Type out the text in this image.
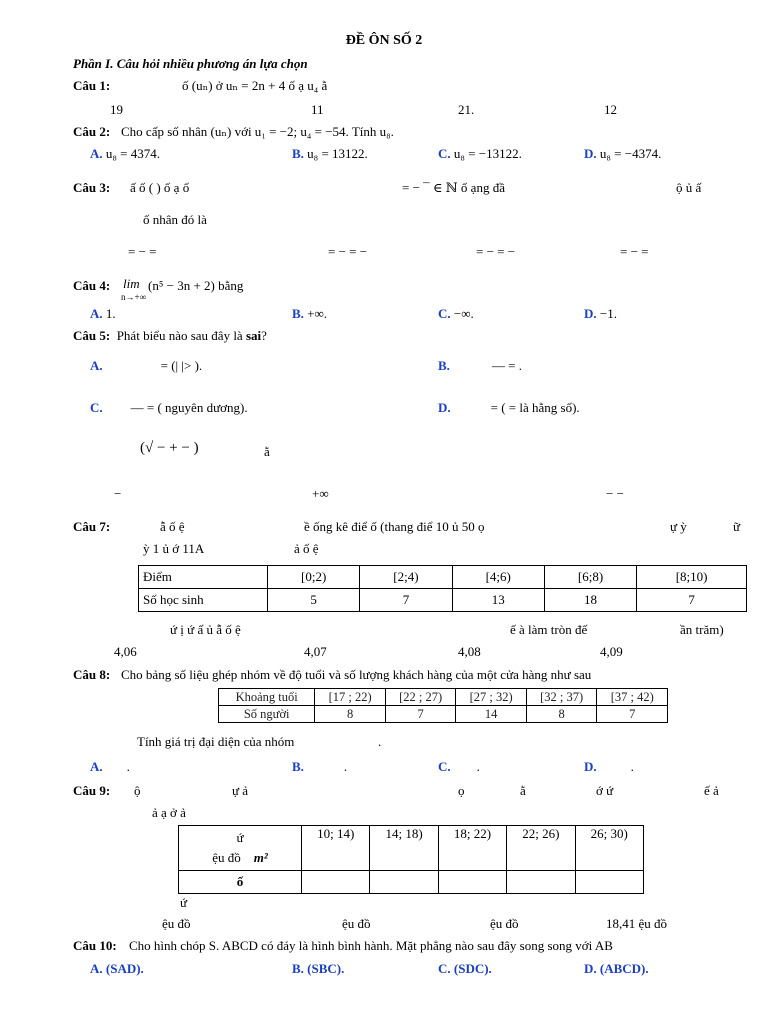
ĐỀ ÔN SỐ 2
Phần I. Câu hỏi nhiều phương án lựa chọn
Câu 1:	ố (uₙ) ở uₙ = 2n + 4 ố ạ u₄ ằ
19	11	21.	12
Câu 2: Cho cấp số nhân (uₙ) với u₁ = −2; u₄ = −54. Tính u₈.
A. u₈ = 4374.	B. u₈ = 13122.	C. u₈ = −13122.	D. u₈ = −4374.
Câu 3: ấ ố ( ) ố ạ ố	= − ¯ ∈ ℕ ố ạng đầ	ộ ủ ấ
ố nhân đó là
= − =	= − = −	= − = −	= − =
Câu 4: lim
n→+∞
(n⁵ − 3n + 2) bằng
A. 1.	B. +∞.	C. −∞.	D. −1.
Câu 5: Phát biểu nào sau đây là sai?
A.	= (| |> ).	B.	— = .
C. — = ( nguyên dương).	D.	= ( = là hằng số).
(√ − + − )	ằ
−	+∞	− −
Câu 7:	ẫ ố ệ	ề ống kê điể ố (thang điể 10 ủ 50 ọ	ự ỳ	ữ
ỳ 1 ủ ớ 11A	ả ố ệ
Điểm	[0;2)	[2;4)	[4;6)	[6;8)	[8;10)
Số học sinh	5	7	13	18	7
ứ ị ứ ấ ủ ẫ ố ệ	ế à làm tròn đế	ần trăm)
4,06	4,07	4,08	4,09
Câu 8: Cho bảng số liệu ghép nhóm về độ tuổi và số lượng khách hàng của một cửa hàng như sau
Khoảng tuổi	[17 ; 22)	[22 ; 27)	[27 ; 32)	[32 ; 37)	[37 ; 42)
Số người	8	7	14	8	7
Tính giá trị đại diện của nhóm	.
A. .	B.	.	C. .	D.	.
Câu 9: ộ	ự ả	ọ	ằ	ớ ứ	ế ả
ả ạ ở ả
ứ
ệu đồ m²	10; 14)	14; 18)	18; 22)	22; 26)	26; 30)
ố					
ứ
ệu đồ	ệu đồ	ệu đồ	18,41 ệu đồ
Câu 10: Cho hình chóp S. ABCD có đáy là hình bình hành. Mặt phẳng nào sau đây song song với AB
A. (SAD).	B. (SBC).	C. (SDC).	D. (ABCD).
